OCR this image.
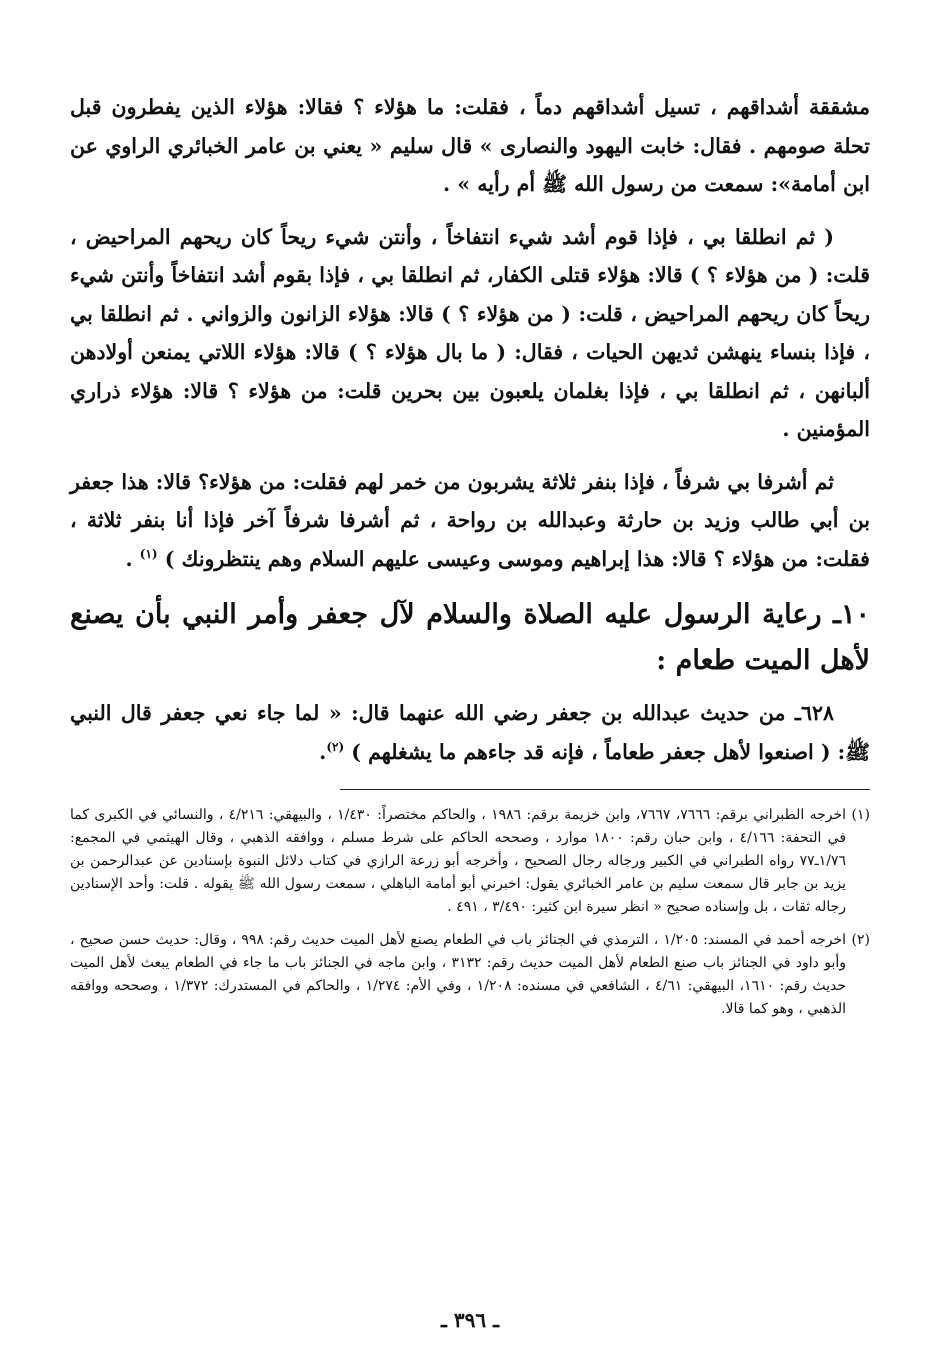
مشققة أشداقهم ، تسيل أشداقهم دماً ، فقلت: ما هؤلاء ؟ فقالا: هؤلاء الذين يفطرون قبل تحلة صومهم . فقال: خابت اليهود والنصارى » قال سليم « يعني بن عامر الخبائري الراوي عن ابن أمامة»: سمعت من رسول الله ﷺ أم رأيه » .

( ثم انطلقا بي ، فإذا قوم أشد شيء انتفاخاً ، وأنتن شيء ريحاً كان ريحهم المراحيض ، قلت: ( من هؤلاء ؟ ) قالا: هؤلاء قتلى الكفار، ثم انطلقا بي ، فإذا بقوم أشد انتفاخاً وأنتن شيء ريحاً كان ريحهم المراحيض ، قلت: ( من هؤلاء ؟ ) قالا: هؤلاء الزانون والزواني . ثم انطلقا بي ، فإذا بنساء ينهشن ثديهن الحيات ، فقال: ( ما بال هؤلاء ؟ ) قالا: هؤلاء اللاتي يمنعن أولادهن ألبانهن ، ثم انطلقا بي ، فإذا بغلمان يلعبون بين بحرين قلت: من هؤلاء ؟ قالا: هؤلاء ذراري المؤمنين .

ثم أشرفا بي شرفاً ، فإذا بنفر ثلاثة يشربون من خمر لهم فقلت: من هؤلاء؟ قالا: هذا جعفر بن أبي طالب وزيد بن حارثة وعبدالله بن رواحة ، ثم أشرفا شرفاً آخر فإذا أنا بنفر ثلاثة ، فقلت: من هؤلاء ؟ قالا: هذا إبراهيم وموسى وعيسى عليهم السلام وهم ينتظرونك ) $^{(١)}$ .

١٠ـ رعاية الرسول عليه الصلاة والسلام لآل جعفر وأمر النبي بأن يصنع لأهل الميت طعام :

٦٢٨ـ من حديث عبدالله بن جعفر رضي الله عنهما قال: « لما جاء نعي جعفر قال النبي ﷺ: ( اصنعوا لأهل جعفر طعاماً ، فإنه قد جاءهم ما يشغلهم ) $^{(٢)}$.

(١)
اخرجه الطبراني برقم: ٧٦٦٦، ٧٦٦٧، وابن خزيمة برقم: ١٩٨٦ ، والحاكم مختصراً: ١/٤٣٠ ، والبيهقي: ٤/٢١٦ ، والنسائي في الكبرى كما في التحفة: ٤/١٦٦ ، وابن حبان رقم: ١٨٠٠ موارد ، وصححه الحاكم على شرط مسلم ، ووافقه الذهبي ، وقال الهيثمي في المجمع: ١/٧٦ـ٧٧ رواه الطبراني في الكبير ورجاله رجال الصحيح ، وأخرجه أبو زرعة الرازي في كتاب دلائل النبوة بإسنادين عن عبدالرحمن بن يزيد بن جابر قال سمعت سليم بن عامر الخبائري يقول: اخبرني أبو أمامة الباهلي ، سمعت رسول الله ﷺ يقوله . قلت: وأحد الإسنادين رجاله ثقات ، بل وإسناده صحيح « انظر سيرة ابن كثير: ٣/٤٩٠ ، ٤٩١ .

(٢)
اخرجه أحمد في المسند: ١/٢٠٥ ، الترمذي في الجنائز باب في الطعام يصنع لأهل الميت حديث رقم: ٩٩٨ ، وقال: حديث حسن صحيح ، وأبو داود في الجنائز باب صنع الطعام لأهل الميت حديث رقم: ٣١٣٢ ، وابن ماجه في الجنائز باب ما جاء في الطعام يبعث لأهل الميت حديث رقم: ١٦١٠، البيهقي: ٤/٦١ ، الشافعي في مسنده: ١/٢٠٨ ، وفي الأم: ١/٢٧٤ ، والحاكم في المستدرك: ١/٣٧٢ ، وصححه ووافقه الذهبي ، وهو كما قالا.

ـ ٣٩٦ ـ
